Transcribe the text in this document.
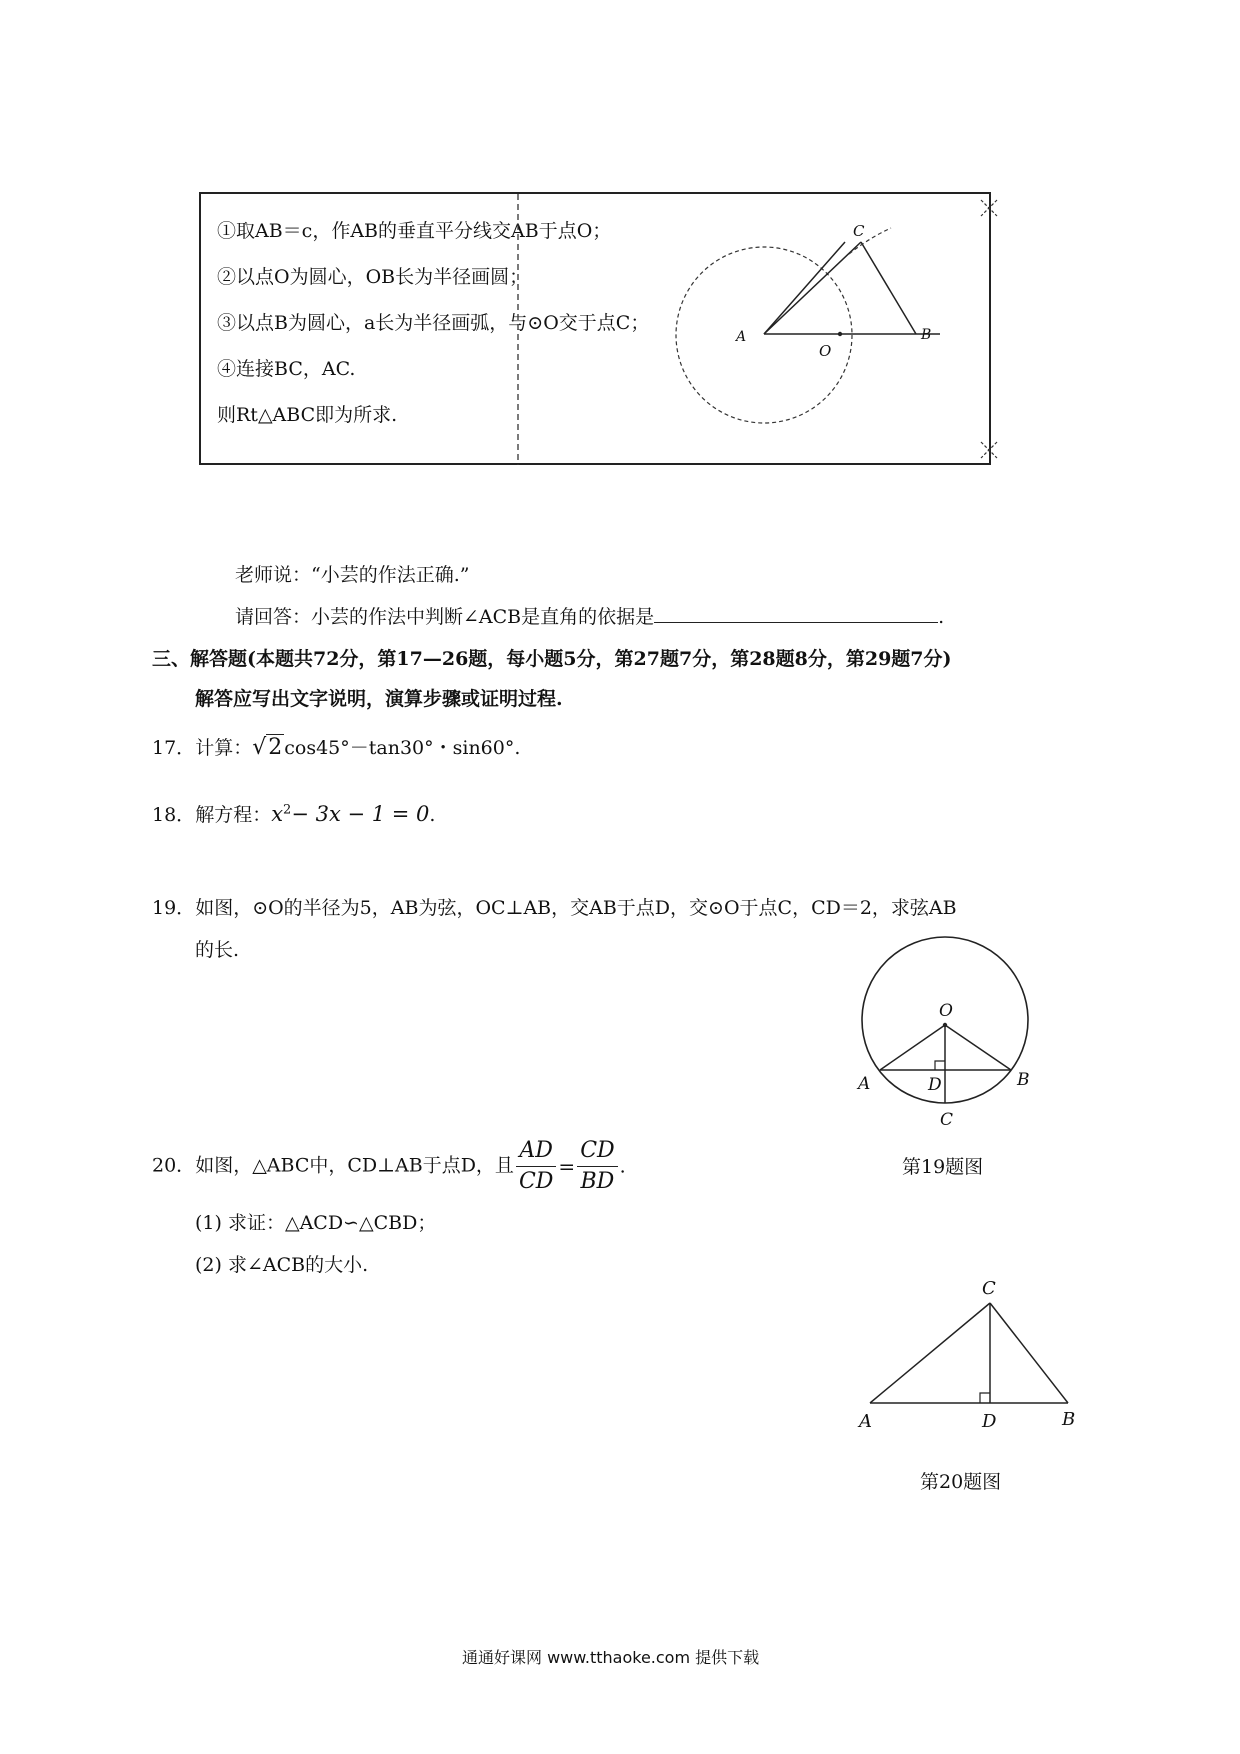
①取AB＝c，作AB的垂直平分线交AB于点O；
②以点O为圆心，OB长为半径画圆；
③以点B为圆心，a长为半径画弧，与⊙O交于点C；
④连接BC，AC.
则Rt△ABC即为所求.
A	B
C
O
老师说：“小芸的作法正确.”
请回答：小芸的作法中判断∠ACB是直角的依据是	.
三、解答题(本题共72分，第17—26题，每小题5分，第27题7分，第28题8分，第29题7分)
解答应写出文字说明，演算步骤或证明过程.
17．计算：√2 cos45°－tan30°・sin60°.
18．解方程：$x^2- 3x - 1 = 0$.
19．如图，⊙O的半径为5，AB为弦，OC⊥AB，交AB于点D，交⊙O于点C，CD＝2，求弦AB
的长.
O
A	B
D
C
第19题图
20．如图，△ABC中，CD⊥AB于点D，且 $\frac{AD}{CD} = \frac{CD}{BD}$ .
(1) 求证：△ACD∽△CBD；
(2) 求∠ACB的大小.
C
A	D	B
第20题图
通通好课网 www.tthaoke.com 提供下载
